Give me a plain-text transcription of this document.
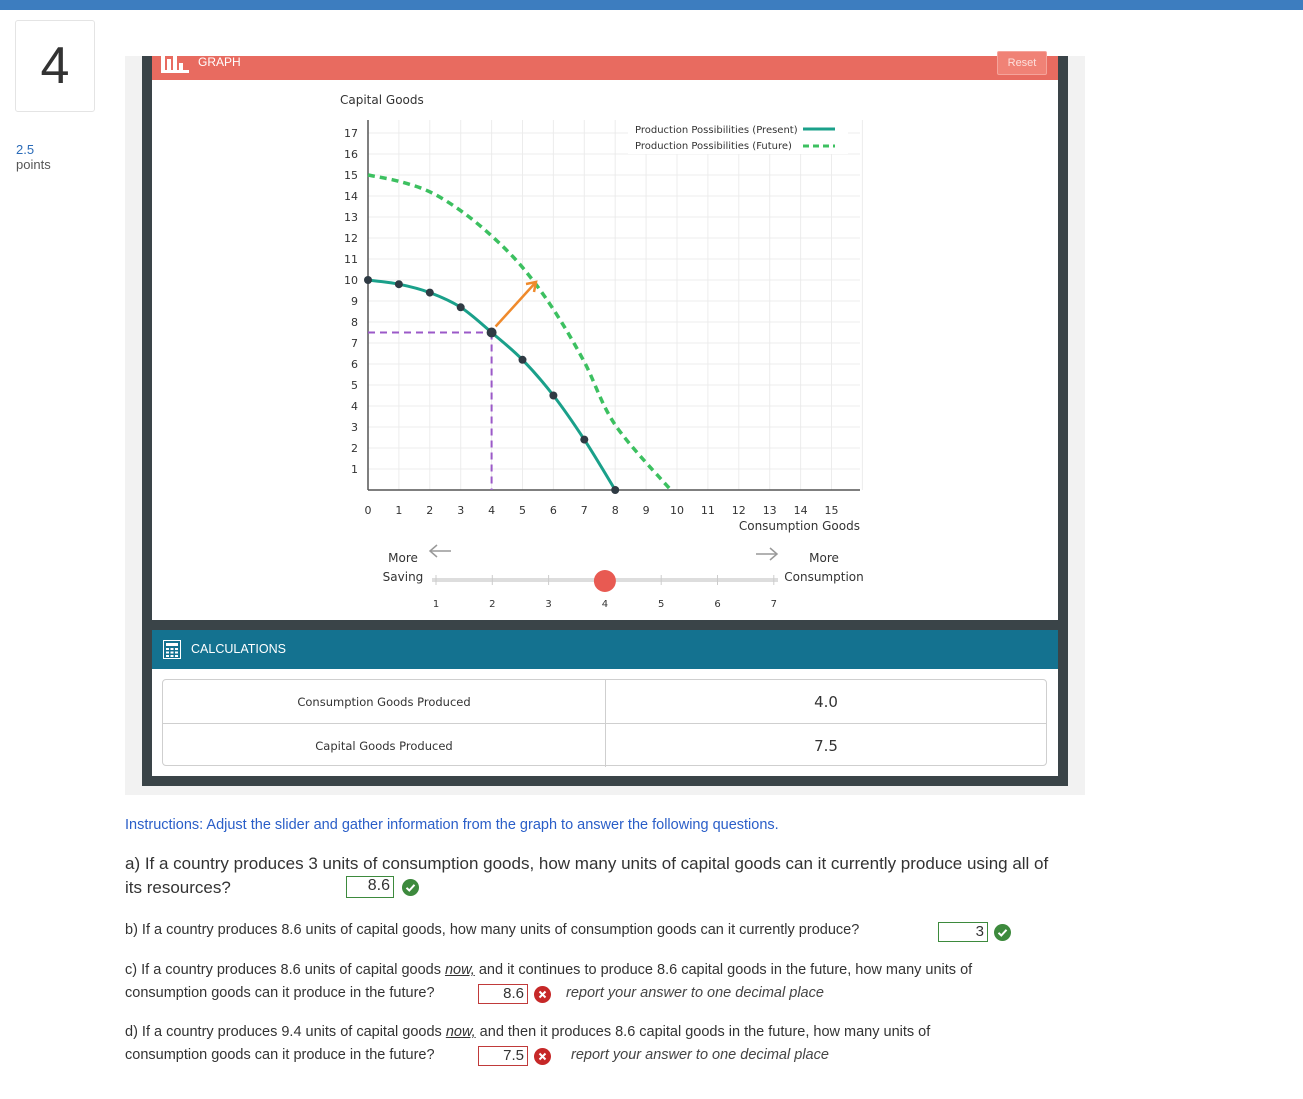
4
2.5
points
GRAPH	Reset
Capital Goods
Consumption Goods
1
2
3
4
5
6
7
8
9
10
11
12
13
14
15
16
17
0 1 2 3 4 5 6 7 8 9 10 11 12 13 14 15
Production Possibilities (Present)
Production Possibilities (Future)
More
Saving
More
Consumption
1	2	3	4	5	6	7
CALCULATIONS
Consumption Goods Produced	4.0
Capital Goods Produced	7.5
Instructions: Adjust the slider and gather information from the graph to answer the following questions.
a) If a country produces 3 units of consumption goods, how many units of capital goods can it currently produce using all of its resources?	8.6
b) If a country produces 8.6 units of capital goods, how many units of consumption goods can it currently produce?	3
c) If a country produces 8.6 units of capital goods now, and it continues to produce 8.6 capital goods in the future, how many units of
consumption goods can it produce in the future?	8.6	report your answer to one decimal place
d) If a country produces 9.4 units of capital goods now, and then it produces 8.6 capital goods in the future, how many units of
consumption goods can it produce in the future?	7.5	report your answer to one decimal place
